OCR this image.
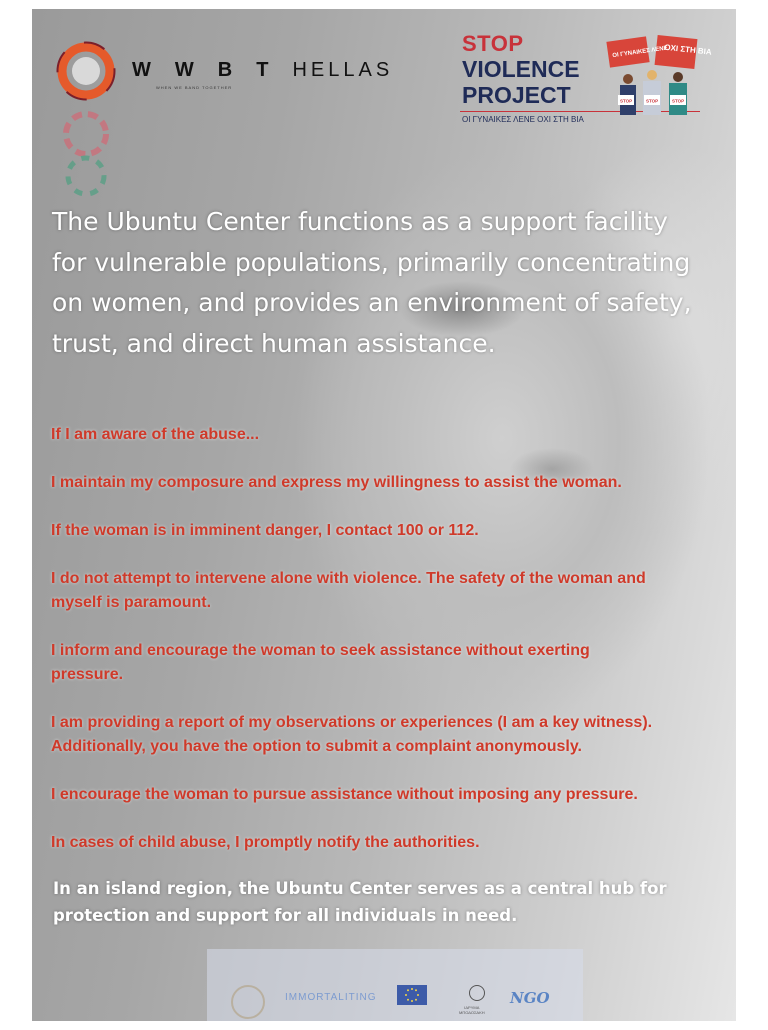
W W B T HELLAS
WHEN WE BAND TOGETHER
STOP
VIOLENCE
PROJECT
ΟΙ ΓΥΝΑΙΚΕΣ ΛΕΝΕ ΟΧΙ ΣΤΗ ΒΙΑ
ΟΙ ΓΥΝΑΙΚΕΣ ΛΕΝΕ
ΟΧΙ ΣΤΗ ΒΙΑ
STOP	STOP	STOP
The Ubuntu Center functions as a support facility for vulnerable populations, primarily concentrating on women, and provides an environment of safety, trust, and direct human assistance.

If I am aware of the abuse...

I maintain my composure and express my willingness to assist the woman.

If the woman is in imminent danger, I contact 100 or 112.

I do not attempt to intervene alone with violence. The safety of the woman and
myself is paramount.

I inform and encourage the woman to seek assistance without exerting
pressure.

I am providing a report of my observations or experiences (I am a key witness).
Additionally, you have the option to submit a complaint anonymously.

I encourage the woman to pursue assistance without imposing any pressure.

In cases of child abuse, I promptly notify the authorities.

In an island region, the Ubuntu Center serves as a central hub for protection and support for all individuals in need.
IMMORTALITING
ΙΔΡΥΜΑ
ΜΠΟΔΟΣΑΚΗ
NGO
